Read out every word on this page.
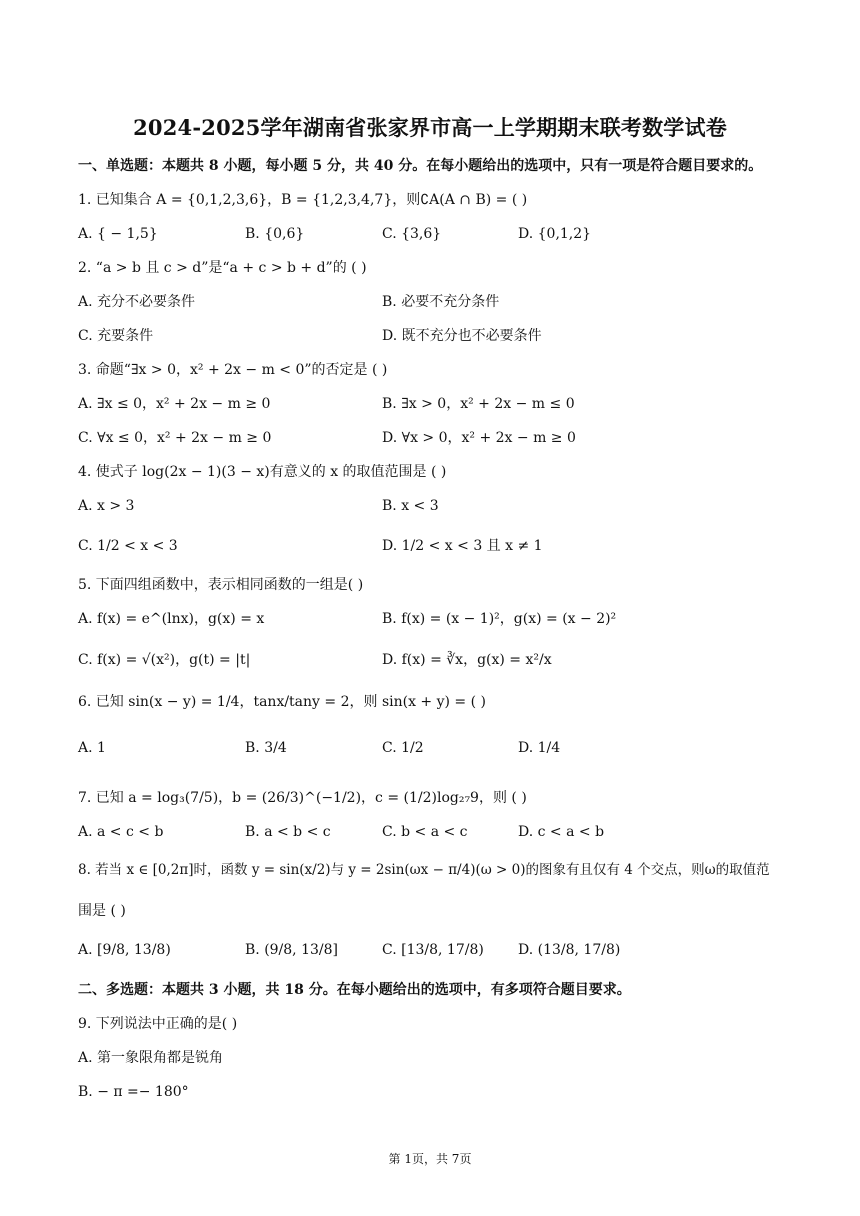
2024-2025学年湖南省张家界市高一上学期期末联考数学试卷
一、单选题：本题共 8 小题，每小题 5 分，共 40 分。在每小题给出的选项中，只有一项是符合题目要求的。
1. 已知集合 A = {0,1,2,3,6}，B = {1,2,3,4,7}，则∁A(A ∩ B) = ( )
A. { − 1,5}	B. {0,6}	C. {3,6}	D. {0,1,2}
2. “a > b 且 c > d”是“a + c > b + d”的 ( )
A. 充分不必要条件	B. 必要不充分条件
C. 充要条件	D. 既不充分也不必要条件
3. 命题“∃x > 0，x² + 2x − m < 0”的否定是 ( )
A. ∃x ≤ 0，x² + 2x − m ≥ 0	B. ∃x > 0，x² + 2x − m ≤ 0
C. ∀x ≤ 0，x² + 2x − m ≥ 0	D. ∀x > 0，x² + 2x − m ≥ 0
4. 使式子 log(2x − 1)(3 − x)有意义的 x 的取值范围是 ( )
A. x > 3	B. x < 3
C. 1/2 < x < 3	D. 1/2 < x < 3 且 x ≠ 1
5. 下面四组函数中，表示相同函数的一组是( )
A. f(x) = e^(lnx)，g(x) = x	B. f(x) = (x − 1)²，g(x) = (x − 2)²
C. f(x) = √(x²)，g(t) = |t|	D. f(x) = ∛x，g(x) = x²/x
6. 已知 sin(x − y) = 1/4，tanx/tany = 2，则 sin(x + y) = ( )
A. 1	B. 3/4	C. 1/2	D. 1/4
7. 已知 a = log₃(7/5)，b = (26/3)^(−1/2)，c = (1/2)log₂₇9，则 ( )
A. a < c < b	B. a < b < c	C. b < a < c	D. c < a < b
8. 若当 x ∈ [0,2π]时，函数 y = sin(x/2)与 y = 2sin(ωx − π/4)(ω > 0)的图象有且仅有 4 个交点，则ω的取值范
围是 ( )
A. [9/8, 13/8)	B. (9/8, 13/8]	C. [13/8, 17/8) D. (13/8, 17/8)
二、多选题：本题共 3 小题，共 18 分。在每小题给出的选项中，有多项符合题目要求。
9. 下列说法中正确的是( )
A. 第一象限角都是锐角
B. − π =− 180°
第 1页，共 7页
